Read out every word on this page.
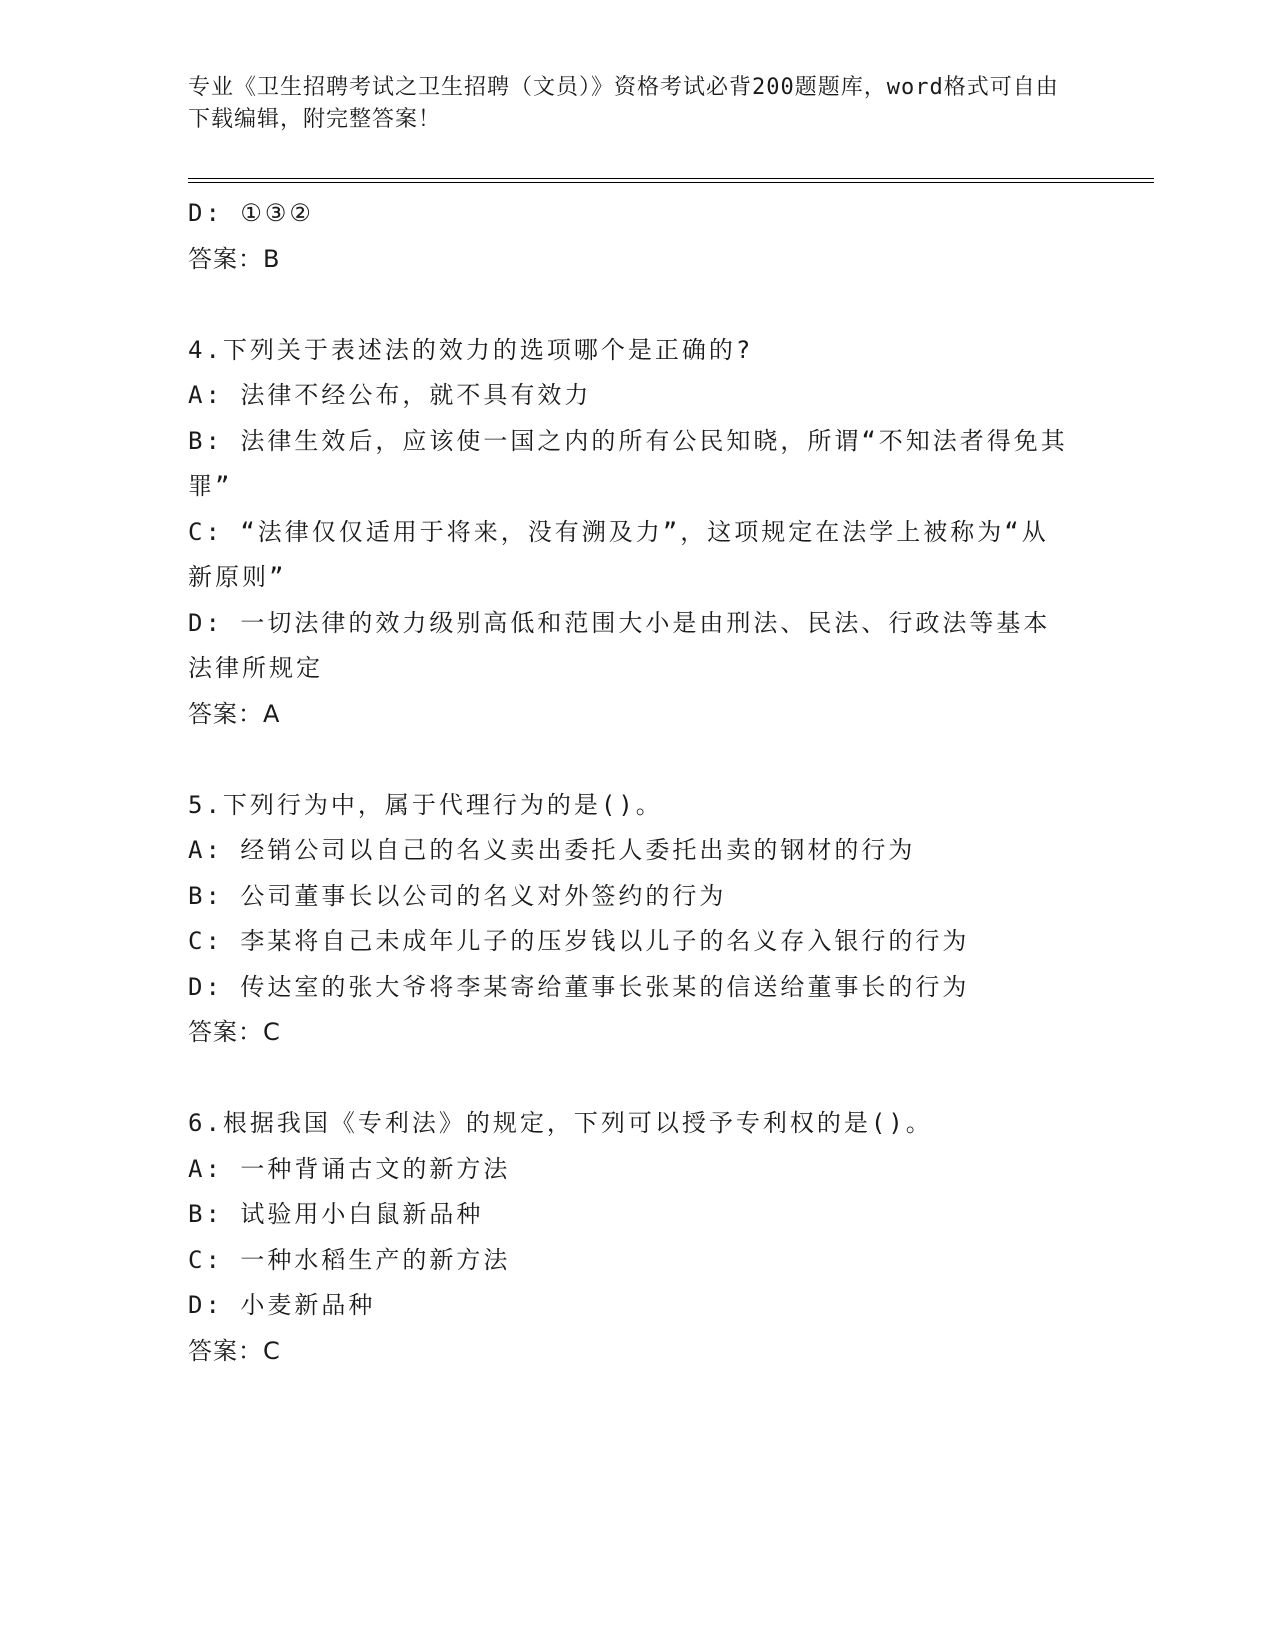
专业《卫生招聘考试之卫生招聘（文员）》资格考试必背200题题库，word格式可自由下载编辑，附完整答案！
D: ①③②
答案：B
4.下列关于表述法的效力的选项哪个是正确的?
A: 法律不经公布，就不具有效力
B: 法律生效后，应该使一国之内的所有公民知晓，所谓“不知法者得免其罪”
C: “法律仅仅适用于将来，没有溯及力”，这项规定在法学上被称为“从新原则”
D: 一切法律的效力级别高低和范围大小是由刑法、民法、行政法等基本法律所规定
答案：A
5.下列行为中，属于代理行为的是()。
A: 经销公司以自己的名义卖出委托人委托出卖的钢材的行为
B: 公司董事长以公司的名义对外签约的行为
C: 李某将自己未成年儿子的压岁钱以儿子的名义存入银行的行为
D: 传达室的张大爷将李某寄给董事长张某的信送给董事长的行为
答案：C
6.根据我国《专利法》的规定，下列可以授予专利权的是()。
A: 一种背诵古文的新方法
B: 试验用小白鼠新品种
C: 一种水稻生产的新方法
D: 小麦新品种
答案：C
